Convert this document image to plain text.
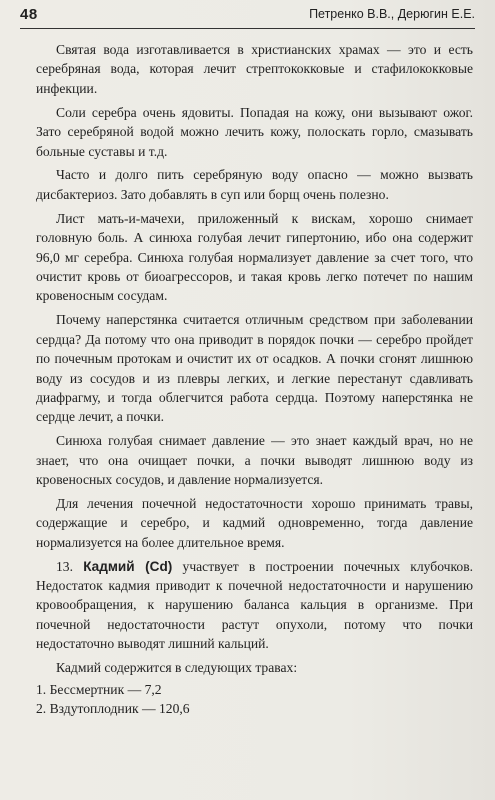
48	Петренко В.В., Дерюгин Е.Е.

Святая вода изготавливается в христианских храмах — это и есть серебряная вода, которая лечит стрептококковые и стафилококковые инфекции.

Соли серебра очень ядовиты. Попадая на кожу, они вызывают ожог. Зато серебряной водой можно лечить кожу, полоскать горло, смазывать больные суставы и т.д.

Часто и долго пить серебряную воду опасно — можно вызвать дисбактериоз. Зато добавлять в суп или борщ очень полезно.

Лист мать-и-мачехи, приложенный к вискам, хорошо снимает головную боль. А синюха голубая лечит гипертонию, ибо она содержит 96,0 мг серебра. Синюха голубая нормализует давление за счет того, что очистит кровь от биоагрессоров, и такая кровь легко потечет по нашим кровеносным сосудам.

Почему наперстянка считается отличным средством при заболевании сердца? Да потому что она приводит в порядок почки — серебро пройдет по почечным протокам и очистит их от осадков. А почки сгонят лишнюю воду из сосудов и из плевры легких, и легкие перестанут сдавливать диафрагму, и тогда облегчится работа сердца. Поэтому наперстянка не сердце лечит, а почки.

Синюха голубая снимает давление — это знает каждый врач, но не знает, что она очищает почки, а почки выводят лишнюю воду из кровеносных сосудов, и давление нормализуется.

Для лечения почечной недостаточности хорошо принимать травы, содержащие и серебро, и кадмий одновременно, тогда давление нормализуется на более длительное время.

13. Кадмий (Cd) участвует в построении почечных клубочков. Недостаток кадмия приводит к почечной недостаточности и нарушению кровообращения, к нарушению баланса кальция в организме. При почечной недостаточности растут опухоли, потому что почки недостаточно выводят лишний кальций.

Кадмий содержится в следующих травах:

1. Бессмертник — 7,2
2. Вздутоплодник — 120,6
